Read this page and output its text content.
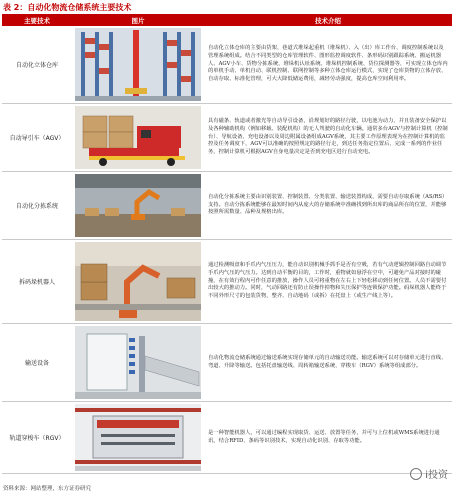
表 2：自动化物流仓储系统主要技术
主要技术	图片	技术介绍
自动化立体仓库
自动化立体仓库的主要由货架、巷道式堆垛起重机（堆垛机）、入（出）库工作台、调度控制系统以及管理系统组成。结合不同类型的仓库管理软件、图形监控调度软件、条形码识别跟踪系统、搬运机器人、AGV小车、货物分拣系统、堆垛机认址系统、堆垛机控制系统、货位探测器等，可实现立体仓库内的单机手动、单机自动、联机控制、联网控制等多种立体仓库运行模式，实现了仓库货物的立体存放、自动存取、标准化管理，可大大降低储运费用，减轻劳动强度，提高仓库空间利用率。
自动导引车（AGV）
具有磁条、轨道或者激光等自动导引设备，沿规划好的路径行驶，以电池为动力，并且装备安全保护以及各种辅助机构（例如移载、装配机构）的无人驾驶的自动化车辆。通常多台AGV与控制计算机（控制台）、导航设备、充电设备以及周边附属设备组成AGV系统，其主要工作原理表现为在控制计算机的监控及任务调度下，AGV可以准确的按照规定的路径行走，到达任务指定位置后，完成一系列的作业任务，控制计算机可根据AGV自身电量决定是否到充电区进行自动充电。
自动化分拣系统
自动化分拣系统主要由识别装置、控制装置、分类装置、输送装置构成，需要自动存取系统（AS/RS）支持。自动分拣系统能够在最短时间内从庞大的存储系统中准确找到所出库的商品所在的位置，并能够按照所需数量、品种及规格出库。
拆码垛机器人
通过检测吸盘和手爪内气压压力，能自动识别机械手抓手是否有空吸，若有气动逻辑控制回路自动调节手爪内气压的气压力。达到自动平衡的目的，工作时，重物就如悬浮在空中，可避免产品对接时的碰撞，在有效行程内可作任意的推放，操作人员可将重物在左右上下轻松移动到任何位置。人员不需要付出较大的推动力。同时，气动回路还有防止误操作掉物和失压保护等连锁保护功能。码垛机器人能终于不同外形尺寸的包装货物，整齐、自动地码（或拆）在托盘上（或生产线上等）。
输送设备
自动化物流仓储系统通过输送系统实现存储单元的自动输送功能。输送系统可以对存储单元进行直线、弯道、升降等输送。包括托盘输送线、周转箱输送系统、穿梭车（RGV）系统等组成部分。
轨道穿梭车（RGV）
是一种智能机器人，可以通过编程实现取货、运送、放置等任务，并可与上位机或WMS系统进行通讯，结合RFID、条码等识别技术，实现自动化识别、存取等功能。
i投资
资料来源：网站整理，东方证券研究
